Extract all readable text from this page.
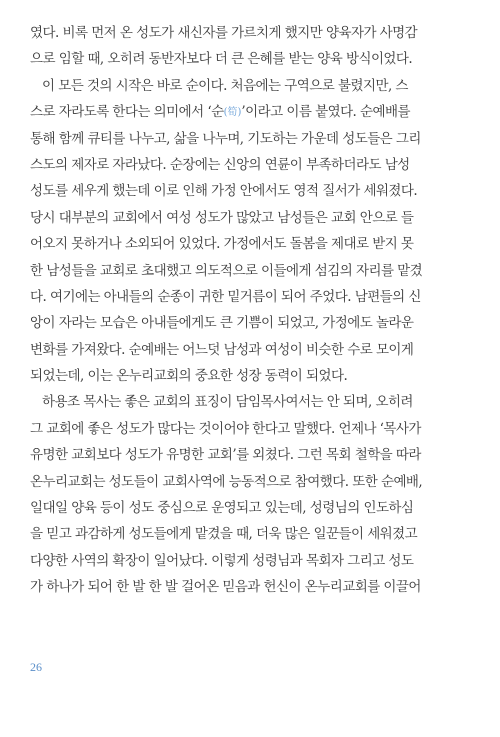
였다. 비록 먼저 온 성도가 새신자를 가르치게 했지만 양육자가 사명감
으로 임할 때, 오히려 동반자보다 더 큰 은혜를 받는 양육 방식이었다.
이 모든 것의 시작은 바로 순이다. 처음에는 구역으로 불렸지만, 스
스로 자라도록 한다는 의미에서 ‘순(筍)’이라고 이름 붙였다. 순예배를
통해 함께 큐티를 나누고, 삶을 나누며, 기도하는 가운데 성도들은 그리
스도의 제자로 자라났다. 순장에는 신앙의 연륜이 부족하더라도 남성
성도를 세우게 했는데 이로 인해 가정 안에서도 영적 질서가 세워졌다.
당시 대부분의 교회에서 여성 성도가 많았고 남성들은 교회 안으로 들
어오지 못하거나 소외되어 있었다. 가정에서도 돌봄을 제대로 받지 못
한 남성들을 교회로 초대했고 의도적으로 이들에게 섬김의 자리를 맡겼
다. 여기에는 아내들의 순종이 귀한 밑거름이 되어 주었다. 남편들의 신
앙이 자라는 모습은 아내들에게도 큰 기쁨이 되었고, 가정에도 놀라운
변화를 가져왔다. 순예배는 어느덧 남성과 여성이 비슷한 수로 모이게
되었는데, 이는 온누리교회의 중요한 성장 동력이 되었다.
하용조 목사는 좋은 교회의 표징이 담임목사여서는 안 되며, 오히려
그 교회에 좋은 성도가 많다는 것이어야 한다고 말했다. 언제나 ‘목사가
유명한 교회보다 성도가 유명한 교회’를 외쳤다. 그런 목회 철학을 따라
온누리교회는 성도들이 교회사역에 능동적으로 참여했다. 또한 순예배,
일대일 양육 등이 성도 중심으로 운영되고 있는데, 성령님의 인도하심
을 믿고 과감하게 성도들에게 맡겼을 때, 더욱 많은 일꾼들이 세워졌고
다양한 사역의 확장이 일어났다. 이렇게 성령님과 목회자 그리고 성도
가 하나가 되어 한 발 한 발 걸어온 믿음과 헌신이 온누리교회를 이끌어
26
